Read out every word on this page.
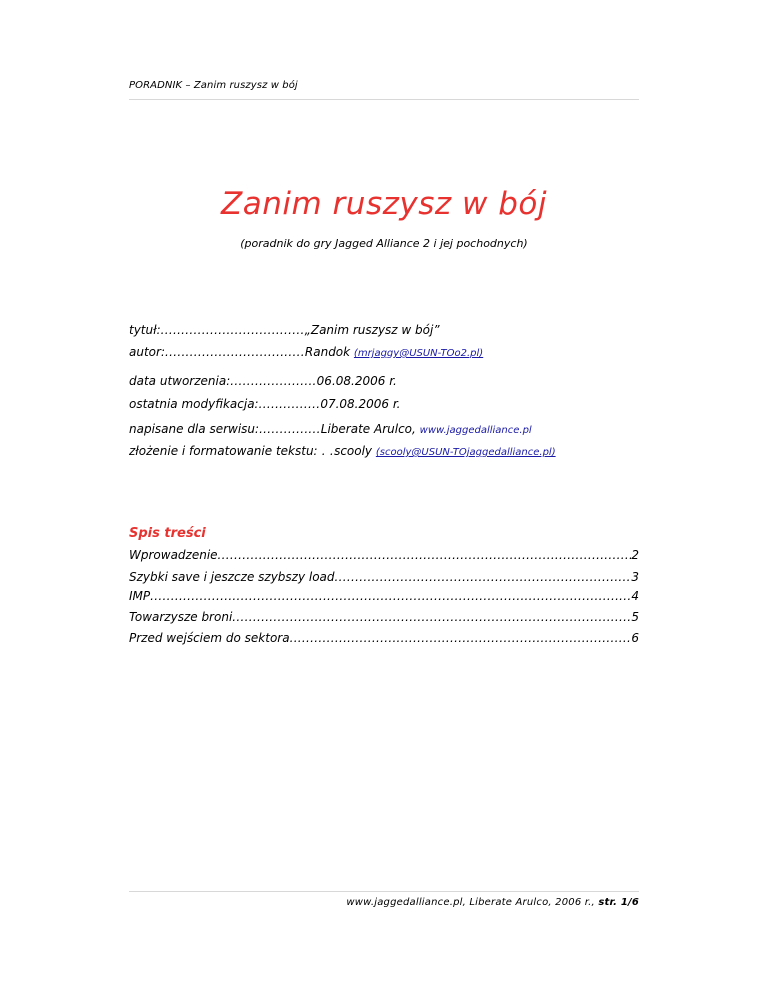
PORADNIK – Zanim ruszysz w bój
Zanim ruszysz w bój
(poradnik do gry Jagged Alliance 2 i jej pochodnych)
tytuł:...................................„Zanim ruszysz w bój”
autor:..................................Randok (mrjaggy@USUN-TOo2.pl)
data utworzenia:.....................06.08.2006 r.
ostatnia modyfikacja:...............07.08.2006 r.
napisane dla serwisu:...............Liberate Arulco, www.jaggedalliance.pl
złożenie i formatowanie tekstu: . .scooly (scooly@USUN-TOjaggedalliance.pl)
Spis treści
Wprowadzenie .....	2
Szybki save i jeszcze szybszy load .....	3
IMP .....	4
Towarzysze broni .....	5
Przed wejściem do sektora .....	6
www.jaggedalliance.pl, Liberate Arulco, 2006 r., str. 1/6
